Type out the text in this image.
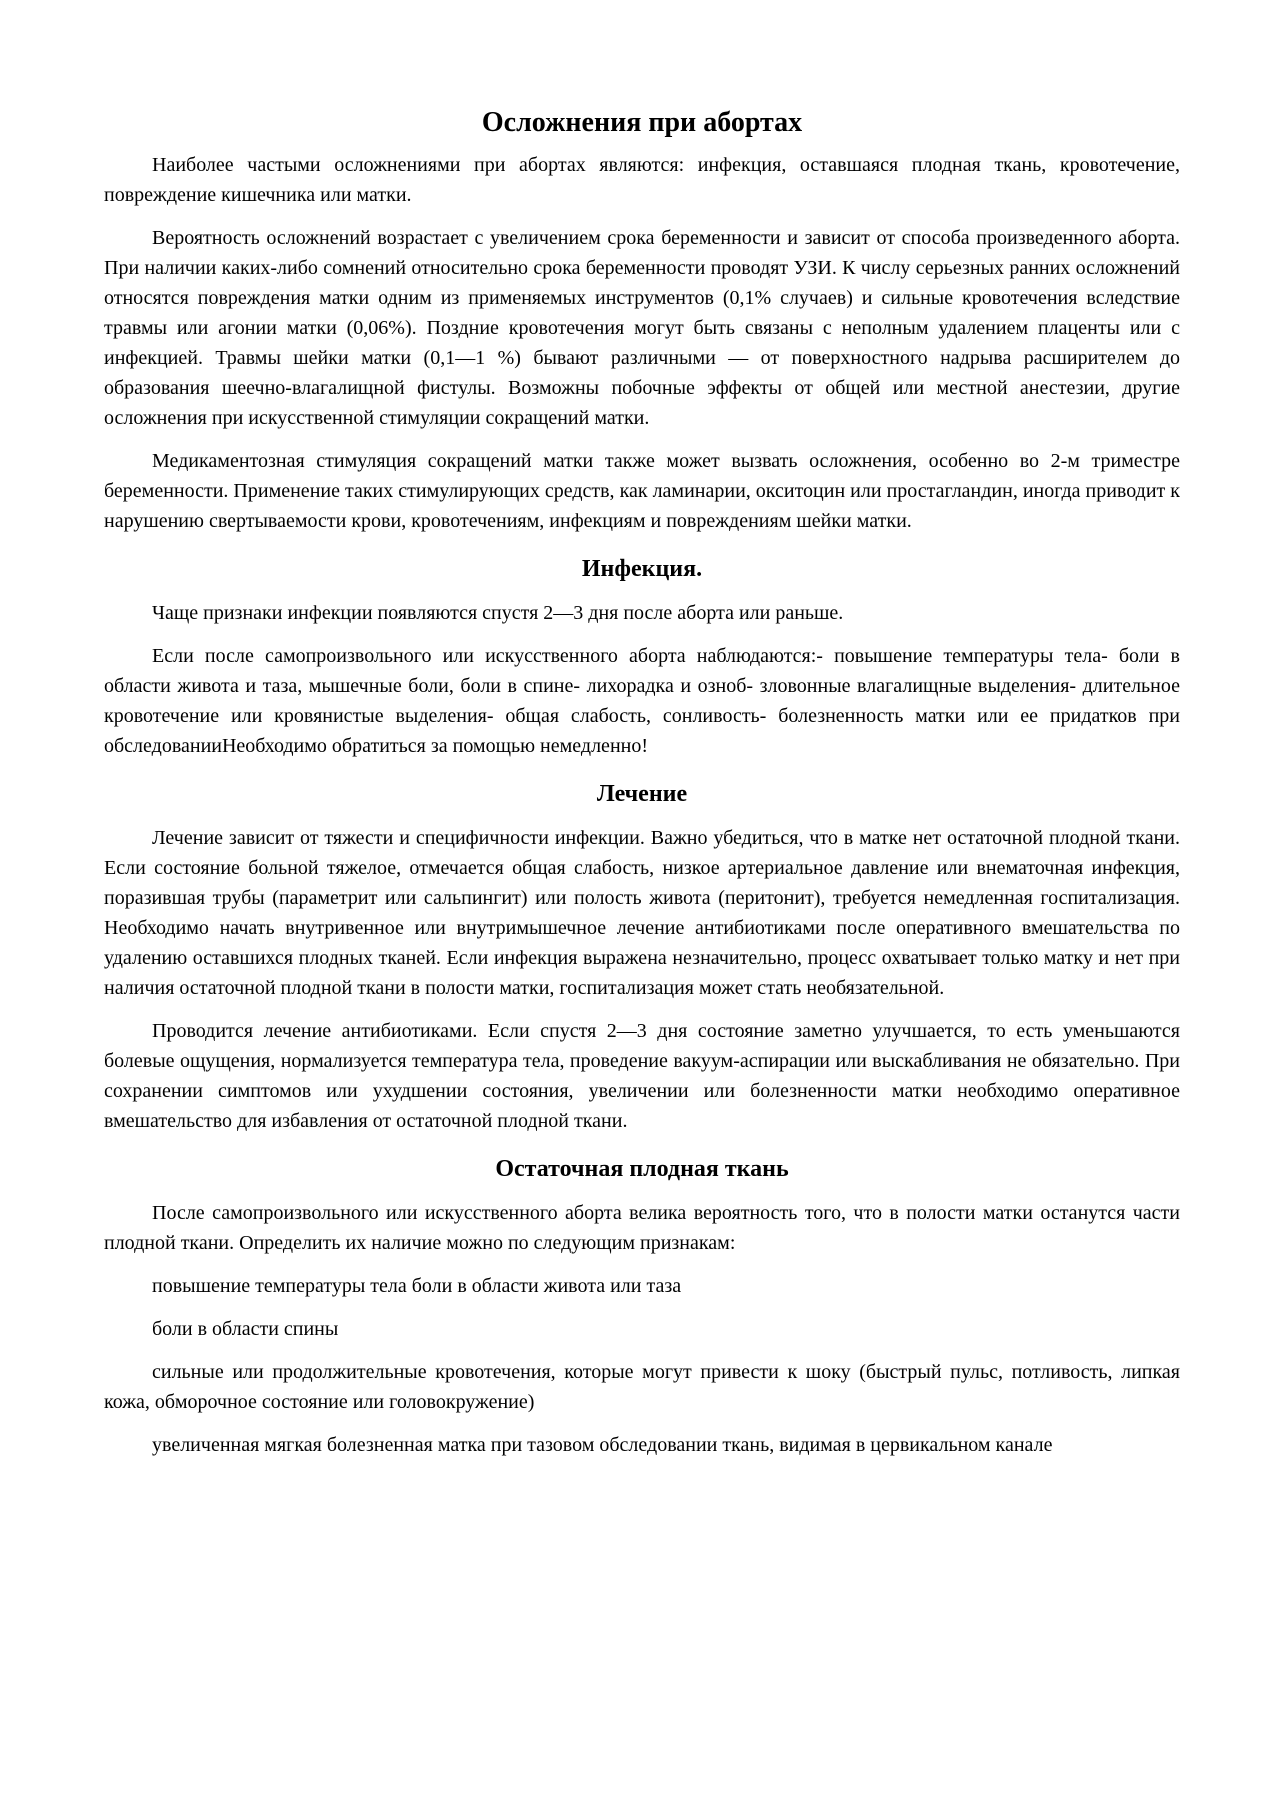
Осложнения при абортах

Наиболее частыми осложнениями при абортах являются: инфекция, оставшаяся плодная ткань, кровотечение, повреждение кишечника или матки.

Вероятность осложнений возрастает с увеличением срока беременности и зависит от способа произведенного аборта. При наличии каких-либо сомнений относительно срока беременности проводят УЗИ. К числу серьезных ранних осложнений относятся повреждения матки одним из применяемых инструментов (0,1% случаев) и сильные кровотечения вследствие травмы или агонии матки (0,06%). Поздние кровотечения могут быть связаны с неполным удалением плаценты или с инфекцией. Травмы шейки матки (0,1—1 %) бывают различными — от поверхностного надрыва расширителем до образования шеечно-влагалищной фистулы. Возможны побочные эффекты от общей или местной анестезии, другие осложнения при искусственной стимуляции сокращений матки.

Медикаментозная стимуляция сокращений матки также может вызвать осложнения, особенно во 2-м триместре беременности. Применение таких стимулирующих средств, как ламинарии, окситоцин или простагландин, иногда приводит к нарушению свертываемости крови, кровотечениям, инфекциям и повреждениям шейки матки.

Инфекция.

Чаще признаки инфекции появляются спустя 2—3 дня после аборта или раньше.

Если после самопроизвольного или искусственного аборта наблюдаются:- повышение температуры тела- боли в области живота и таза, мышечные боли, боли в спине- лихорадка и озноб- зловонные влагалищные выделения- длительное кровотечение или кровянистые выделения- общая слабость, сонливость- болезненность матки или ее придатков при обследованииНеобходимо обратиться за помощью немедленно!

Лечение

Лечение зависит от тяжести и специфичности инфекции. Важно убедиться, что в матке нет остаточной плодной ткани. Если состояние больной тяжелое, отмечается общая слабость, низкое артериальное давление или внематочная инфекция, поразившая трубы (параметрит или сальпингит) или полость живота (перитонит), требуется немедленная госпитализация. Необходимо начать внутривенное или внутримышечное лечение антибиотиками после оперативного вмешательства по удалению оставшихся плодных тканей. Если инфекция выражена незначительно, процесс охватывает только матку и нет при наличия остаточной плодной ткани в полости матки, госпитализация может стать необязательной.

Проводится лечение антибиотиками. Если спустя 2—3 дня состояние заметно улучшается, то есть уменьшаются болевые ощущения, нормализуется температура тела, проведение вакуум-аспирации или выскабливания не обязательно. При сохранении симптомов или ухудшении состояния, увеличении или болезненности матки необходимо оперативное вмешательство для избавления от остаточной плодной ткани.

Остаточная плодная ткань

После самопроизвольного или искусственного аборта велика вероятность того, что в полости матки останутся части плодной ткани. Определить их наличие можно по следующим признакам:

повышение температуры тела боли в области живота или таза

боли в области спины

сильные или продолжительные кровотечения, которые могут привести к шоку (быстрый пульс, потливость, липкая кожа, обморочное состояние или головокружение)

увеличенная мягкая болезненная матка при тазовом обследовании ткань, видимая в цервикальном канале
